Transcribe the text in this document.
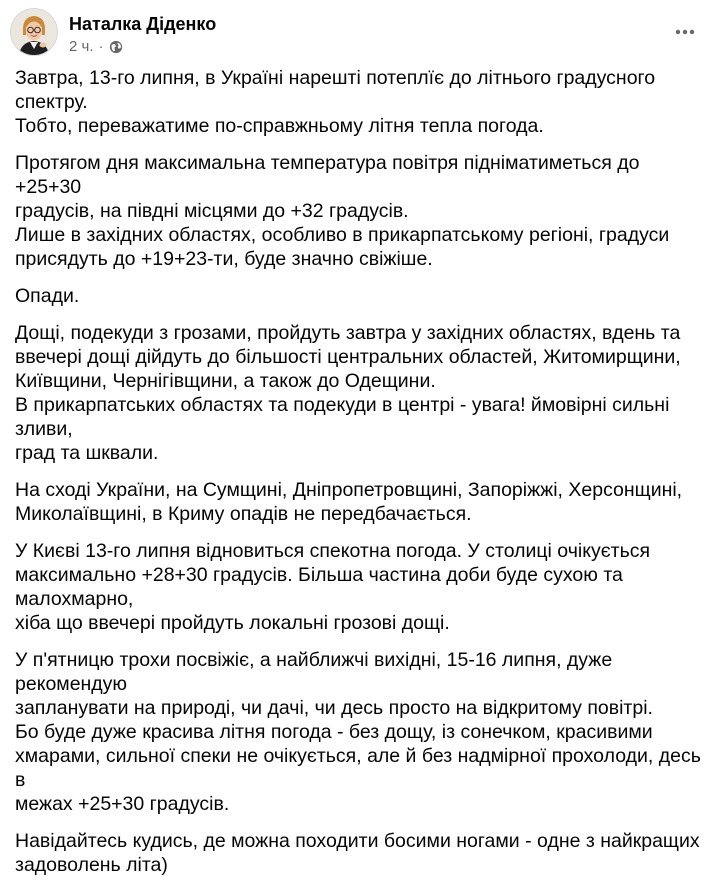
Наталка Діденко
2 ч. ·

Завтра, 13-го липня, в Україні нарешті потеплїє до літнього градусного спектру.
Тобто, переважатиме по-справжньому літня тепла погода.

Протягом дня максимальна температура повітря підніматиметься до +25+30
градусів, на півдні місцями до +32 градусів.
Лише в західних областях, особливо в прикарпатському регіоні, градуси
присядуть до +19+23-ти, буде значно свіжіше.

Опади.

Дощі, подекуди з грозами, пройдуть завтра у західних областях, вдень та
ввечері дощі дійдуть до більшості центральних областей, Житомирщини,
Київщини, Чернігівщини, а також до Одещини.
В прикарпатських областях та подекуди в центрі - увага! ймовірні сильні зливи,
град та шквали.

На сході України, на Сумщині, Дніпропетровщині, Запоріжжі, Херсонщині,
Миколаївщині, в Криму опадів не передбачається.

У Києві 13-го липня відновиться спекотна погода. У столиці очікується
максимально +28+30 градусів. Більша частина доби буде сухою та малохмарно,
хіба що ввечері пройдуть локальні грозові дощі.

У п'ятницю трохи посвіжіє, а найближчі вихідні, 15-16 липня, дуже рекомендую
запланувати на природі, чи дачі, чи десь просто на відкритому повітрі.
Бо буде дуже красива літня погода - без дощу, із сонечком, красивими
хмарами, сильної спеки не очікується, але й без надмірної прохолоди, десь в
межах +25+30 градусів.

Навідайтесь кудись, де можна походити босими ногами - одне з найкращих
задоволень літа)
